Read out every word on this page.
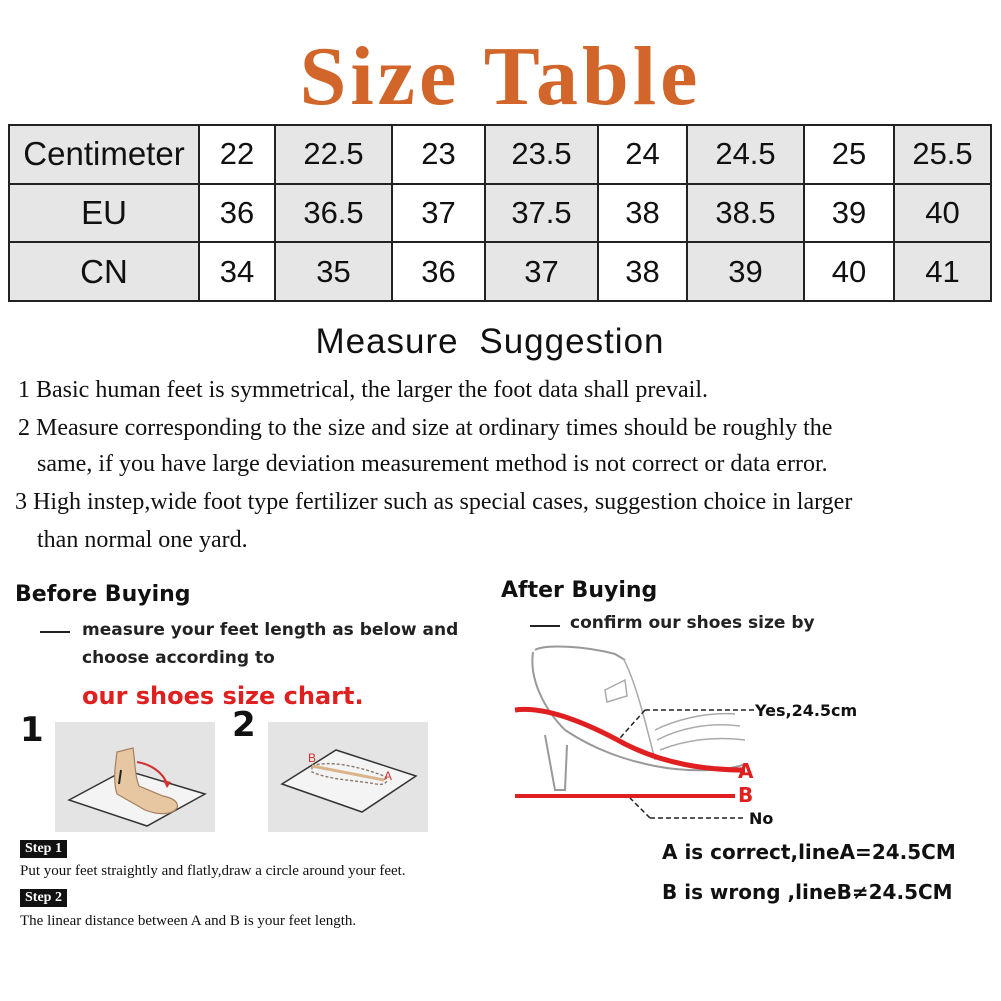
Size Table
Centimeter	22	22.5	23	23.5	24	24.5	25	25.5
EU	36	36.5	37	37.5	38	38.5	39	40
CN	34	35	36	37	38	39	40	41
Measure Suggestion
1 Basic human feet is symmetrical, the larger the foot data shall prevail.
2 Measure corresponding to the size and size at ordinary times should be roughly the
same, if you have large deviation measurement method is not correct or data error.
3 High instep,wide foot type fertilizer such as special cases, suggestion choice in larger
than normal one yard.
Before Buying
measure your feet length as below and
choose according to
our shoes size chart.
1	2
B
A
Step 1
Put your feet straightly and flatly,draw a circle around your feet.
Step 2
The linear distance between A and B is your feet length.
After Buying
confirm our shoes size by
Yes,24.5cm
No
A
B
A is correct,lineA=24.5CM
B is wrong ,lineB≠24.5CM
